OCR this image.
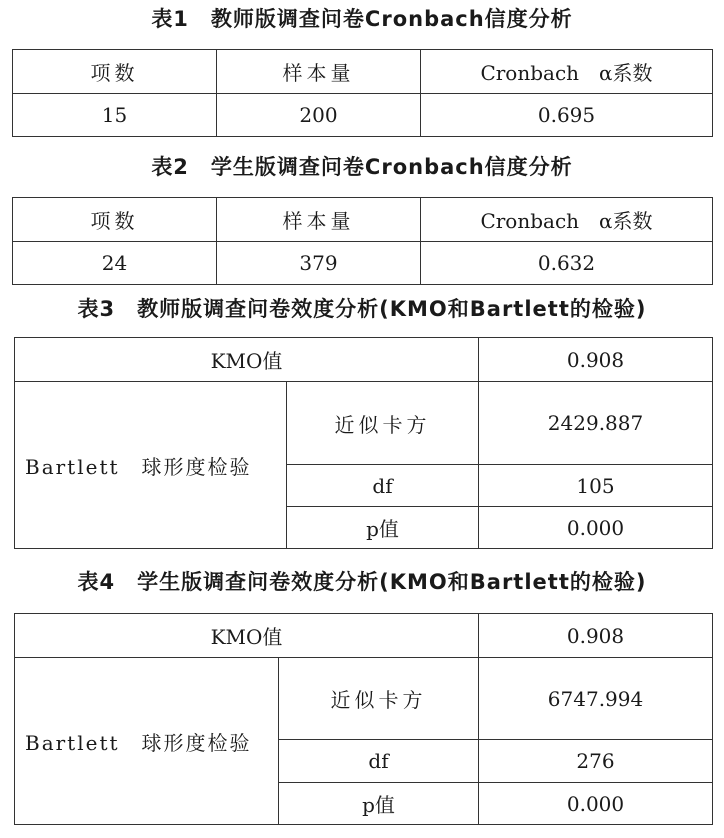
表1　教师版调查问卷Cronbach信度分析
项数	样本量	Cronbach　α系数
15	200	0.695
表2　学生版调查问卷Cronbach信度分析
项数	样本量	Cronbach　α系数
24	379	0.632
表3　教师版调查问卷效度分析(KMO和Bartlett的检验)
KMO值		0.908
Bartlett　球形度检验	近似卡方	2429.887
	df	105
	p值	0.000
表4　学生版调查问卷效度分析(KMO和Bartlett的检验)
KMO值		0.908
Bartlett　球形度检验	近似卡方	6747.994
	df	276
	p值	0.000
